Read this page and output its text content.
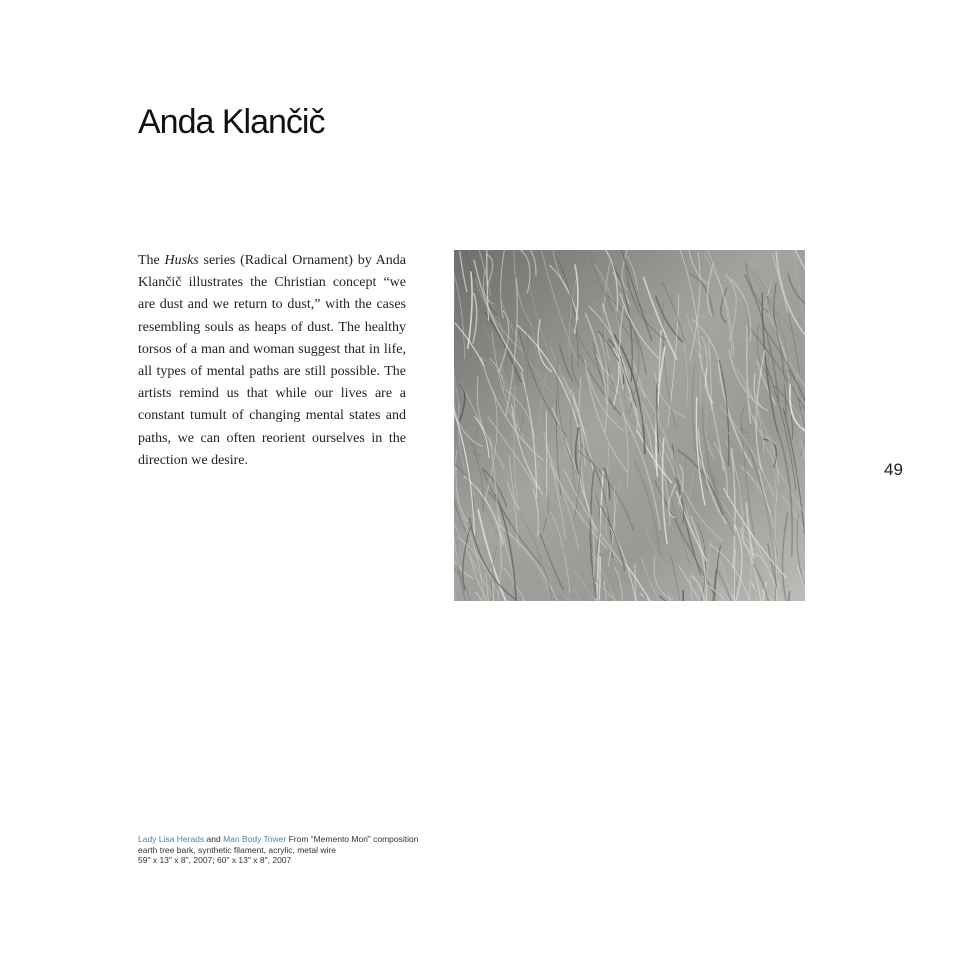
Anda Klančič
The Husks series (Radical Ornament) by Anda Klančič illustrates the Christian concept “we are dust and we return to dust,” with the cases resembling souls as heaps of dust. The healthy torsos of a man and woman suggest that in life, all types of mental paths are still possible. The artists remind us that while our lives are a constant tumult of changing mental states and paths, we can often reorient ourselves in the direction we desire.	49
Lady Lisa Herads and Man Body Tower From “Memento Mori” composition
earth tree bark, synthetic filament, acrylic, metal wire
59" x 13" x 8", 2007; 60" x 13" x 8", 2007
